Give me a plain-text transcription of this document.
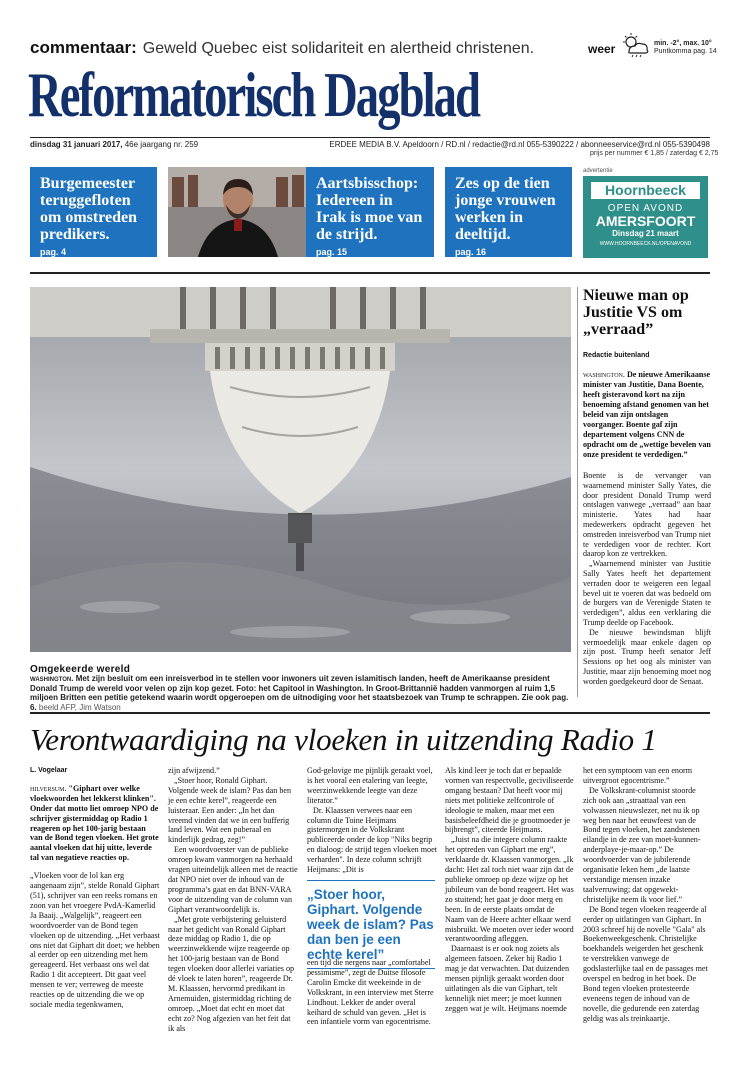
commentaar: Geweld Quebec eist solidariteit en alertheid christenen.	weer	min. -2°, max. 10°
Puntkomma pag. 14
Reformatorisch Dagblad
dinsdag 31 januari 2017, 46e jaargang nr. 259	ERDEE MEDIA B.V. Apeldoorn / RD.nl / redactie@rd.nl 055-5390222 / abonneeservice@rd.nl 055-5390498
prijs per nummer € 1,85 / zaterdag € 2,75
Burgemeester teruggefloten om omstreden predikers.
pag. 4
Aartsbisschop: Iedereen in Irak is moe van de strijd.
pag. 15
Zes op de tien jonge vrouwen werken in deeltijd.
pag. 16
advertentie
Hoornbeeck
OPEN AVOND
AMERSFOORT
Dinsdag 21 maart
WWW.HOORNBEECK.NL/OPENAVOND
Omgekeerde wereld
washington. Met zijn besluit om een inreisverbod in te stellen voor inwoners uit zeven islamitisch landen, heeft de Amerikaanse president Donald Trump de wereld voor velen op zijn kop gezet. Foto: het Capitool in Washington. In Groot-Brittannië hadden vanmorgen al ruim 1,5 miljoen Britten een petitie getekend waarin wordt opgeroepen om de uitnodiging voor het staatsbezoek van Trump te schrappen. Zie ook pag. 6. beeld AFP, Jim Watson
Nieuwe man op Justitie VS om „verraad”
Redactie buitenland
washington. De nieuwe Amerikaanse minister van Justitie, Dana Boente, heeft gisteravond kort na zijn benoeming afstand genomen van het beleid van zijn ontslagen voorganger. Boente gaf zijn departement volgens CNN de opdracht om de „wettige bevelen van onze president te verdedigen.”

Boente is de vervanger van waarnemend minister Sally Yates, die door president Donald Trump werd ontslagen vanwege „verraad” aan haar ministerie. Yates had haar medewerkers opdracht gegeven het omstreden inreisverbod van Trump niet te verdedigen voor de rechter. Kort daarop kon ze vertrekken.

„Waarnemend minister van Justitie Sally Yates heeft het departement verraden door te weigeren een legaal bevel uit te voeren dat was bedoeld om de burgers van de Verenigde Staten te verdedigen”, aldus een verklaring die Trump deelde op Facebook.

De nieuwe bewindsman blijft vermoedelijk maar enkele dagen op zijn post. Trump heeft senator Jeff Sessions op het oog als minister van Justitie, maar zijn benoeming moet nog worden goedgekeurd door de Senaat.

Verontwaardiging na vloeken in uitzending Radio 1

L. Vogelaar

hilversum. "Giphart over welke vloekwoorden het lekkerst klinken". Onder dat motto liet omroep NPO de schrijver gistermiddag op Radio 1 reageren op het 100-jarig bestaan van de Bond tegen vloeken. Het grote aantal vloeken dat hij uitte, leverde tal van negatieve reacties op.

„Vloeken voor de lol kan erg aangenaam zijn”, stelde Ronald Giphart (51), schrijver van een reeks romans en zoon van het vroegere PvdA-Kamerlid Ja Baaij. „Walgelijk”, reageert een woordvoerder van de Bond tegen vloeken op de uitzending. „Het verbaast ons niet dat Giphart dit doet; we hebben al eerder op een uitzending met hem gereageerd. Het verbaast ons wel dat Radio 1 dit accepteert. Dit gaat veel mensen te ver; verreweg de meeste reacties op de uitzending die we op sociale media tegenkwamen,

zijn afwijzend.”

„Stoer hoor, Ronald Giphart. Volgende week de islam? Pas dan ben je een echte kerel”, reageerde een luisteraar. Een ander: „In het dan vreemd vinden dat we in een bufferig land leven. Wat een puberaal en kinderlijk gedrag, zeg!”

Een woordvoerster van de publieke omroep kwam vanmorgen na herhaald vragen uiteindelijk alleen met de reactie dat NPO niet over de inhoud van de programma’s gaat en dat BNN-VARA voor de uitzending van de column van Giphart verantwoordelijk is.

„Met grote verbijstering geluisterd naar het gedicht van Ronald Giphart deze middag op Radio 1, die op weerzinwekkende wijze reageerde op het 100-jarig bestaan van de Bond tegen vloeken door allerlei variaties op dé vloek te laten horen”, reageerde Dr. M. Klaassen, hervormd predikant in Arnemuiden, gistermiddag richting de omroep. „Moet dat echt en moet dat echt zo? Nog afgezien van het feit dat ik als

God-gelovige me pijnlijk geraakt voel, is het vooral een etalering van leegte, weerzinwekkende leegte van deze literator.”

Dr. Klaassen verwees naar een column die Toine Heijmans gistermorgen in de Volkskrant publiceerde onder de kop "Niks begrip en dialoog: de strijd tegen vloeken moet verharden". In deze column schrijft Heijmans: „Dit is

„Stoer hoor, Giphart. Volgende week de islam? Pas dan ben je een echte kerel”

een tijd die nergens naar „comfortabel pessimisme”, zegt de Duitse filosofe Carolin Emcke dit weekeinde in de Volkskrant, in een interview met Sterre Lindhout. Lekker de ander overal keihard de schuld van geven. „Het is een infantiele vorm van egocentrisme.

Als kind leer je toch dat er bepaalde vormen van respectvolle, geciviliseerde omgang bestaan? Dat heeft voor mij niets met politieke zelfcontrole of ideologie te maken, maar met een basisbeleefdheid die je grootmoeder je bijbrengt”, citeerde Heijmans.

„Juist na die integere column raakte het optreden van Giphart me erg”, verklaarde dr. Klaassen vanmorgen. „Ik dacht: Het zal toch niet waar zijn dat de publieke omroep op deze wijze op het jubileum van de bond reageert. Het was zo stuitend; het gaat je door merg en been. In de eerste plaats omdat de Naam van de Heere achter elkaar werd misbruikt. We moeten over ieder woord verantwoording afleggen.

Daarnaast is er ook nog zoiets als algemeen fatsoen. Zeker bij Radio 1 mag je dat verwachten. Dat duizenden mensen pijnlijk geraakt worden door uitlatingen als die van Giphart, telt kennelijk niet meer; je moet kunnen zeggen wat je wilt. Heijmans noemde

het een symptoom van een enorm uitvergroot egocentrisme.”

De Volkskrant-columnist stoorde zich ook aan „straattaal van een volwassen nieuwslezer, net nu ik op weg ben naar het eeuwfeest van de Bond tegen vloeken, het zandstenen eilandje in de zee van moet-kunnen-anderplaye-je-maar-op.” De woordvoerder van de jubilerende organisatie leken hem „de laatste verstandige mensen inzake taalverruwing; dat opgewekt-christelijke neem ik voor lief.”

De Bond tegen vloeken reageerde al eerder op uitlatingen van Giphart. In 2003 schreef hij de novelle "Gala" als Boekenweekgeschenk. Christelijke boekhandels weigerden het geschenk te verstrekken vanwege de godslasterlijke taal en de passages met overspel en bedrog in het boek. De Bond tegen vloeken protesteerde eveneens tegen de inhoud van de novelle, die gedurende een zaterdag geldig was als treinkaartje.
